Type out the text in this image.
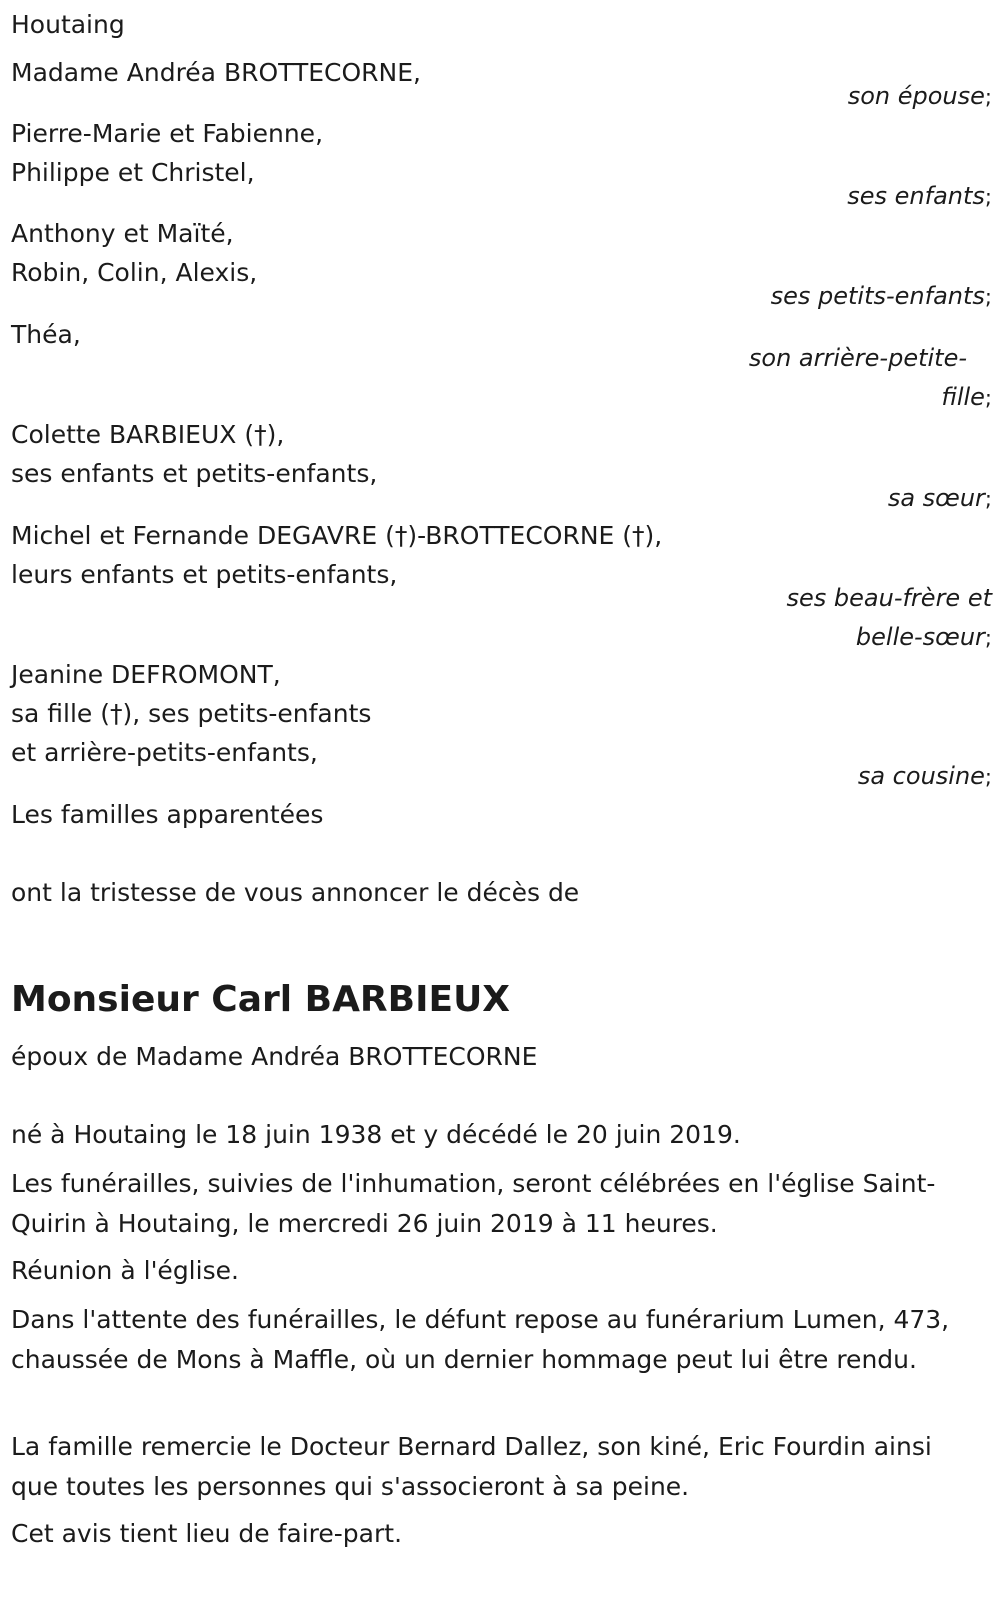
Houtaing

Madame Andréa BROTTECORNE,

son épouse;

Pierre-Marie et Fabienne,

Philippe et Christel,

ses enfants;

Anthony et Maïté,

Robin, Colin, Alexis,

ses petits-enfants;

Théa,

son arrière-petite-

fille;

Colette BARBIEUX (†),

ses enfants et petits-enfants,

sa sœur;

Michel et Fernande DEGAVRE (†)-BROTTECORNE (†),

leurs enfants et petits-enfants,

ses beau-frère et

belle-sœur;

Jeanine DEFROMONT,

sa fille (†), ses petits-enfants

et arrière-petits-enfants,

sa cousine;

Les familles apparentées

ont la tristesse de vous annoncer le décès de

Monsieur Carl BARBIEUX

époux de Madame Andréa BROTTECORNE

né à Houtaing le 18 juin 1938 et y décédé le 20 juin 2019.

Les funérailles, suivies de l'inhumation, seront célébrées en l'église Saint-Quirin à Houtaing, le mercredi 26 juin 2019 à 11 heures.

Réunion à l'église.

Dans l'attente des funérailles, le défunt repose au funérarium Lumen, 473, chaussée de Mons à Maffle, où un dernier hommage peut lui être rendu.

La famille remercie le Docteur Bernard Dallez, son kiné, Eric Fourdin ainsi que toutes les personnes qui s'associeront à sa peine.

Cet avis tient lieu de faire-part.
